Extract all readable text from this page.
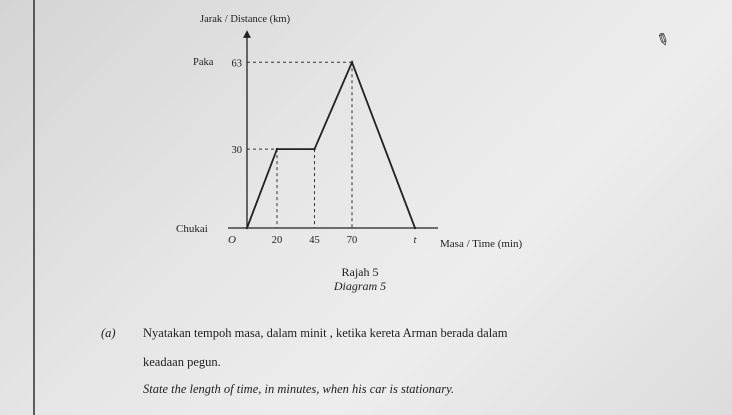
O	20	45	70	t
30
63
Jarak / Distance (km)
Masa / Time (min)
Paka
Chukai
Rajah 5
Diagram 5
(a) Nyatakan tempoh masa, dalam minit , ketika kereta Arman berada dalam
keadaan pegun.
State the length of time, in minutes, when his car is stationary.
✎
